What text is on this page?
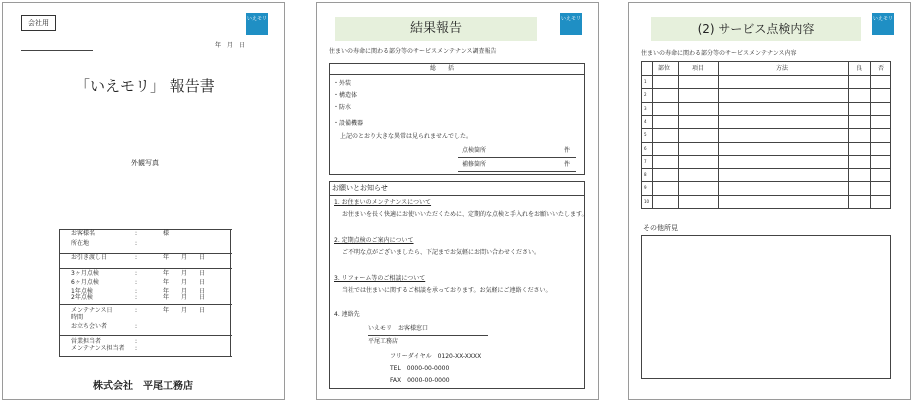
会社用	いえモリ
年　月　日
「いえモリ」 報告書
外観写真
お客様名	:	様
所在地	:
お引き渡し日	:	年　　月　　日
3ヶ月点検	:	年　　月　　日
6ヶ月点検	:	年　　月　　日
1年点検	:	年　　月　　日
2年点検	:	年　　月　　日
メンテナンス日	:	年　　月　　日
時間
お立ち会い者	:
営業担当者	:
メンテナンス担当者 :
株式会社　平尾工務店
いえモリ
結果報告
住まいの寿命に関わる部分等のサービスメンテナンス調査報告
総　　括
・外装
・構造体
・防水
・設備機器
上記のとおり大きな異常は見られませんでした。
点検箇所	件
補修箇所	件
お願いとお知らせ
1. お住まいのメンテナンスについて
お住まいを長く快適にお使いいただくために、定期的な点検と手入れをお願いいたします。
2. 定期点検のご案内について
ご不明な点がございましたら、下記までお気軽にお問い合わせください。
3. リフォーム等のご相談について
当社では住まいに関するご相談を承っております。お気軽にご連絡ください。
4. 連絡先
いえモリ　お客様窓口
平尾工務店
フリーダイヤル　0120-XX-XXXX
TEL　0000-00-0000
FAX　0000-00-0000
いえモリ
(2) サービス点検内容
住まいの寿命に関わる部分等のサービスメンテナンス内容
部位	項目	方法	良	否
1
2
3
4
5
6
7
8
9
10
その他所見
